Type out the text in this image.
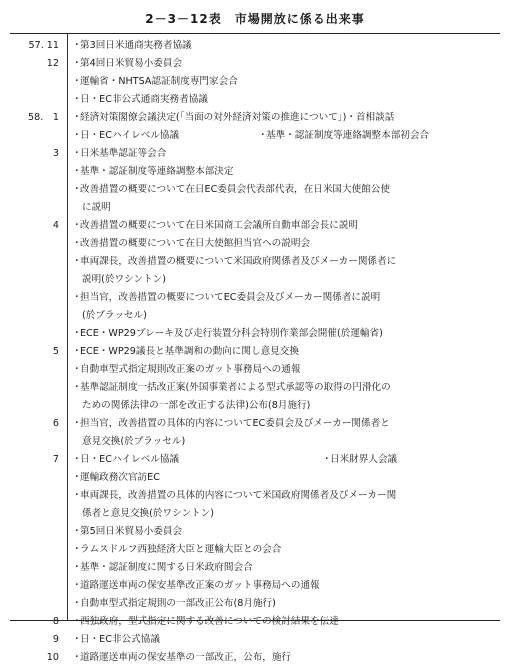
2－3－12表　市場開放に係る出来事
57. 11 ・
第3回日米通商実務者協議
12 ・
第4回日米貿易小委員会
・
運輸省・NHTSA認証制度専門家会合
・
日・EC非公式通商実務者協議
58.　1 ・
経済対策閣僚会議決定(「当面の対外経済対策の推進について」)・首相談話
・
日・ECハイレベル協議	・
基準・認証制度等連絡調整本部初会合
3 ・
日米基準認証等会合
・
基準・認証制度等連絡調整本部決定
・
改善措置の概要について在日EC委員会代表部代表，在日米国大使館公使
に説明
4 ・
改善措置の概要について在日米国商工会議所自動車部会長に説明
・
改善措置の概要について在日大使館担当官への説明会
・
車両課長，改善措置の概要について米国政府関係者及びメーカー関係者に
説明(於ワシントン)
・
担当官，改善措置の概要についてEC委員会及びメーカー関係者に説明
(於ブラッセル)
・
ECE・WP29ブレーキ及び走行装置分科会特別作業部会開催(於運輸省)
5 ・
ECE・WP29議長と基準調和の動向に関し意見交換
・
自動車型式指定規則改正案のガット事務局への通報
・
基準認証制度一括改正案(外国事業者による型式承認等の取得の円滑化の
ための関係法律の一部を改正する法律)公布(8月施行)
6 ・
担当官，改善措置の具体的内容についてEC委員会及びメーカー関係者と
意見交換(於ブラッセル)
7 ・
日・ECハイレベル協議	・
日米財界人会議
・
運輸政務次官訪EC
・
車両課長，改善措置の具体的内容について米国政府関係者及びメーカー関
係者と意見交換(於ワシントン)
・
第5回日米貿易小委員会
・
ラムスドルフ西独経済大臣と運輸大臣との会合
・
基準・認証制度に関する日米政府間会合
・
道路運送車両の保安基準改正案のガット事務局への通報
・
自動車型式指定規則の一部改正公布(8月施行)
8 ・
西独政府，型式指定に関する改善についての検討結果を伝達
9 ・
日・EC非公式協議
10 ・
道路運送車両の保安基準の一部改正，公布，施行
